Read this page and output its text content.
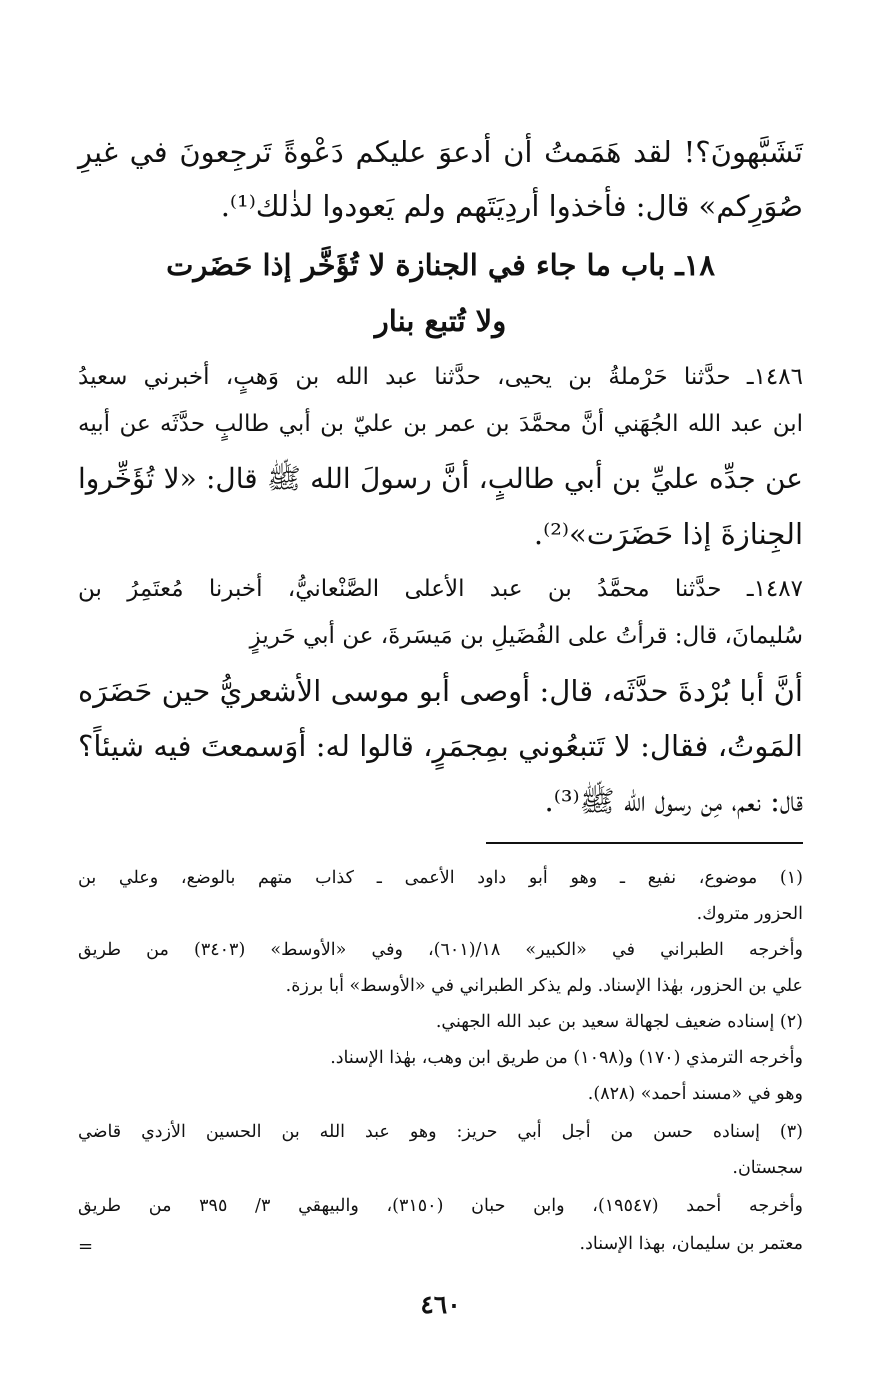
تَشَبَّهونَ؟! لقد هَمَمتُ أن أدعوَ عليكم دَعْوةً تَرجِعونَ في غيرِ
صُوَرِكم» قال: فأخذوا أردِيَتَهم ولم يَعودوا لذٰلك⁽¹⁾.
١٨ـ باب ما جاء في الجنازة لا تُؤَخَّر إذا حَضَرت
ولا تُتبع بنار
١٤٨٦ـ حدَّثنا حَرْملةُ بن يحيى، حدَّثنا عبد الله بن وَهبٍ، أخبرني سعيدُ
ابن عبد الله الجُهَني أنَّ محمَّدَ بن عمر بن عليّ بن أبي طالبٍ حدَّثَه عن أبيه
عن جدِّه عليِّ بن أبي طالبٍ، أنَّ رسولَ الله ﷺ قال: «لا تُؤَخِّروا
الجِنازةَ إذا حَضَرَت»⁽²⁾.
١٤٨٧ـ حدَّثنا محمَّدُ بن عبد الأعلى الصَّنْعانيُّ، أخبرنا مُعتَمِرُ بن
سُليمانَ، قال: قرأتُ على الفُضَيلِ بن مَيسَرةَ، عن أبي حَريزٍ
أنَّ أبا بُرْدةَ حدَّثَه، قال: أوصى أبو موسى الأشعريُّ حين حَضَرَه
المَوتُ، فقال: لا تَتبعُوني بمِجمَرٍ، قالوا له: أوَسمعتَ فيه شيئاً؟
قال: نعم، مِن رسول الله ﷺ⁽³⁾.
(١) موضوع، نفيع ـ وهو أبو داود الأعمى ـ كذاب متهم بالوضع، وعلي بن
الحزور متروك.
وأخرجه الطبراني في «الكبير» ١٨/(٦٠١)، وفي «الأوسط» (٣٤٠٣) من طريق
علي بن الحزور، بهٰذا الإسناد. ولم يذكر الطبراني في «الأوسط» أبا برزة.
(٢) إسناده ضعيف لجهالة سعيد بن عبد الله الجهني.
وأخرجه الترمذي (١٧٠) و(١٠٩٨) من طريق ابن وهب، بهٰذا الإسناد.
وهو في «مسند أحمد» (٨٢٨).
(٣) إسناده حسن من أجل أبي حريز: وهو عبد الله بن الحسين الأزدي قاضي
سجستان.
وأخرجه أحمد (١٩٥٤٧)، وابن حبان (٣١٥٠)، والبيهقي ٣/ ٣٩٥ من طريق
معتمر بن سليمان، بهذا الإسناد.
=
٤٦٠
